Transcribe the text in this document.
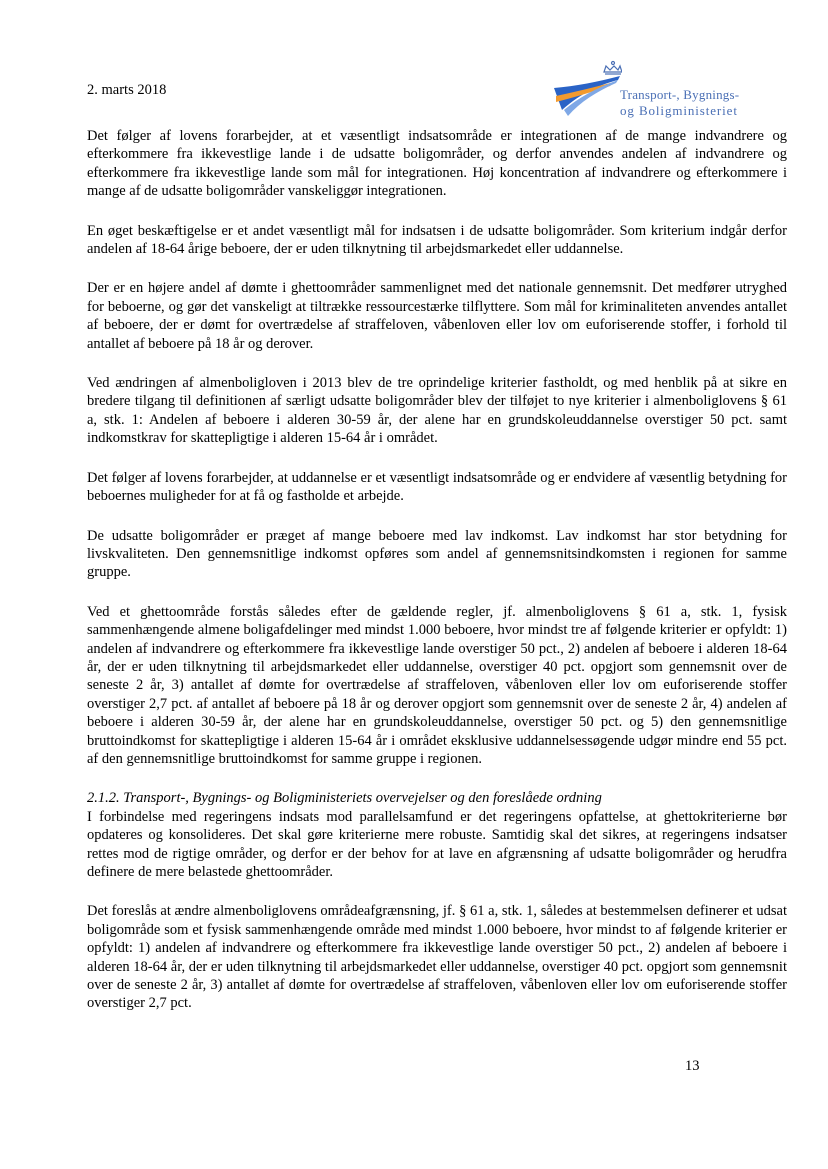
2. marts 2018	Transport-, Bygnings-
og Boligministeriet

Det følger af lovens forarbejder, at et væsentligt indsatsområde er integrationen af de mange indvandrere og efterkommere fra ikkevestlige lande i de udsatte boligområder, og derfor anvendes andelen af indvandrere og efterkommere fra ikkevestlige lande som mål for integrationen. Høj koncentration af indvandrere og efterkommere i mange af de udsatte boligområder vanskeliggør integrationen.

En øget beskæftigelse er et andet væsentligt mål for indsatsen i de udsatte boligområder. Som kriterium indgår derfor andelen af 18-64 årige beboere, der er uden tilknytning til arbejdsmarkedet eller uddannelse.

Der er en højere andel af dømte i ghettoområder sammenlignet med det nationale gennemsnit. Det medfører utryghed for beboerne, og gør det vanskeligt at tiltrække ressourcestærke tilflyttere. Som mål for kriminaliteten anvendes antallet af beboere, der er dømt for overtrædelse af straffeloven, våbenloven eller lov om euforiserende stoffer, i forhold til antallet af beboere på 18 år og derover.

Ved ændringen af almenboligloven i 2013 blev de tre oprindelige kriterier fastholdt, og med henblik på at sikre en bredere tilgang til definitionen af særligt udsatte boligområder blev der tilføjet to nye kriterier i almenboliglovens § 61 a, stk. 1: Andelen af beboere i alderen 30-59 år, der alene har en grundskoleuddannelse overstiger 50 pct. samt indkomstkrav for skattepligtige i alderen 15-64 år i området.

Det følger af lovens forarbejder, at uddannelse er et væsentligt indsatsområde og er endvidere af væsentlig betydning for beboernes muligheder for at få og fastholde et arbejde.

De udsatte boligområder er præget af mange beboere med lav indkomst. Lav indkomst har stor betydning for livskvaliteten. Den gennemsnitlige indkomst opføres som andel af gennemsnitsindkomsten i regionen for samme gruppe.

Ved et ghettoområde forstås således efter de gældende regler, jf. almenboliglovens § 61 a, stk. 1, fysisk sammenhængende almene boligafdelinger med mindst 1.000 beboere, hvor mindst tre af følgende kriterier er opfyldt: 1) andelen af indvandrere og efterkommere fra ikkevestlige lande overstiger 50 pct., 2) andelen af beboere i alderen 18-64 år, der er uden tilknytning til arbejdsmarkedet eller uddannelse, overstiger 40 pct. opgjort som gennemsnit over de seneste 2 år, 3) antallet af dømte for overtrædelse af straffeloven, våbenloven eller lov om euforiserende stoffer overstiger 2,7 pct. af antallet af beboere på 18 år og derover opgjort som gennemsnit over de seneste 2 år, 4) andelen af beboere i alderen 30-59 år, der alene har en grundskoleuddannelse, overstiger 50 pct. og 5) den gennemsnitlige bruttoindkomst for skattepligtige i alderen 15-64 år i området eksklusive uddannelsessøgende udgør mindre end 55 pct. af den gennemsnitlige bruttoindkomst for samme gruppe i regionen.

2.1.2. Transport-, Bygnings- og Boligministeriets overvejelser og den foreslåede ordning
I forbindelse med regeringens indsats mod parallelsamfund er det regeringens opfattelse, at ghettokriterierne bør opdateres og konsolideres. Det skal gøre kriterierne mere robuste. Samtidig skal det sikres, at regeringens indsatser rettes mod de rigtige områder, og derfor er der behov for at lave en afgrænsning af udsatte boligområder og herudfra definere de mere belastede ghettoområder.

Det foreslås at ændre almenboliglovens områdeafgrænsning, jf. § 61 a, stk. 1, således at bestemmelsen definerer et udsat boligområde som et fysisk sammenhængende område med mindst 1.000 beboere, hvor mindst to af følgende kriterier er opfyldt: 1) andelen af indvandrere og efterkommere fra ikkevestlige lande overstiger 50 pct., 2) andelen af beboere i alderen 18-64 år, der er uden tilknytning til arbejdsmarkedet eller uddannelse, overstiger 40 pct. opgjort som gennemsnit over de seneste 2 år, 3) antallet af dømte for overtrædelse af straffeloven, våbenloven eller lov om euforiserende stoffer overstiger 2,7 pct.

13
